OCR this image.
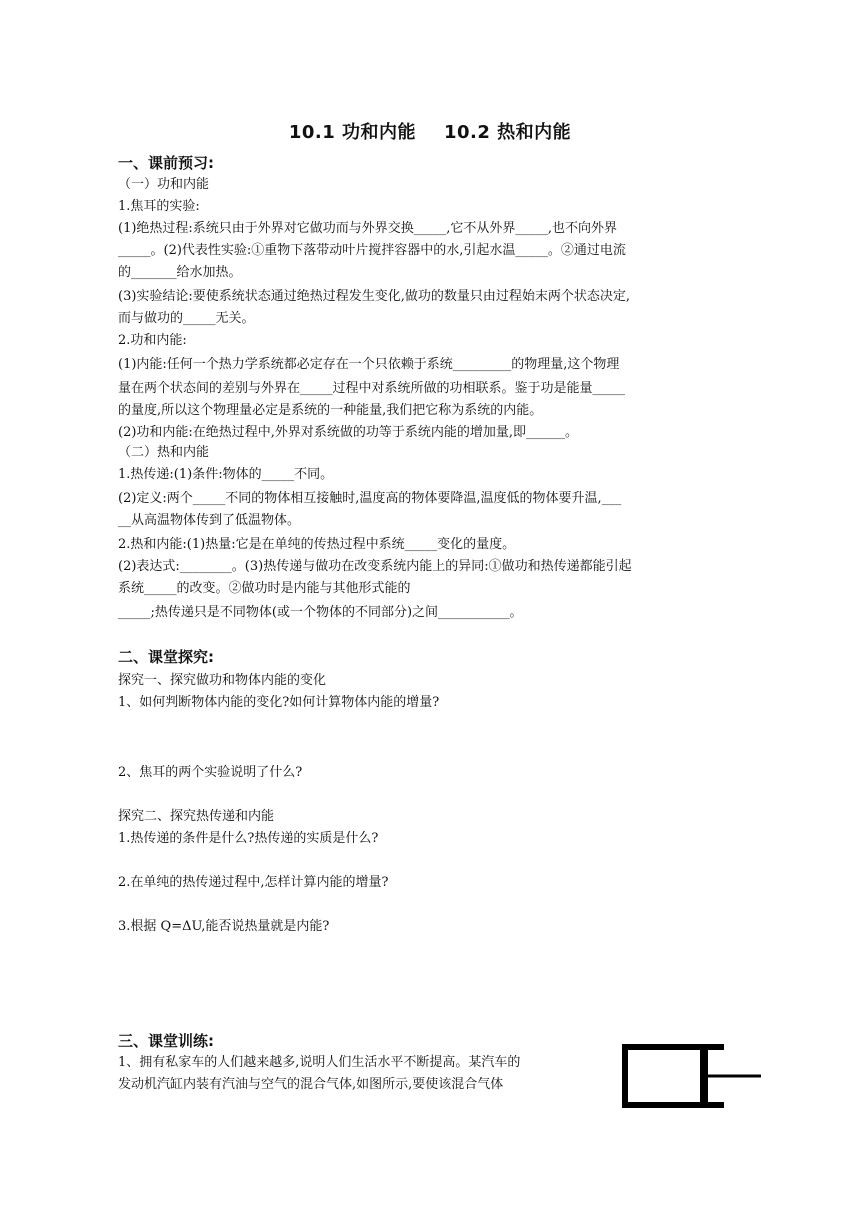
10.1 功和内能 10.2 热和内能
一、课前预习:
（一）功和内能
1.焦耳的实验:
(1)绝热过程:系统只由于外界对它做功而与外界交换_____,它不从外界_____,也不向外界
_____。(2)代表性实验:①重物下落带动叶片搅拌容器中的水,引起水温_____。②通过电流
的_______给水加热。
(3)实验结论:要使系统状态通过绝热过程发生变化,做功的数量只由过程始末两个状态决定,
而与做功的_____无关。
2.功和内能:
(1)内能:任何一个热力学系统都必定存在一个只依赖于系统_________的物理量,这个物理
量在两个状态间的差别与外界在_____过程中对系统所做的功相联系。鉴于功是能量_____
的量度,所以这个物理量必定是系统的一种能量,我们把它称为系统的内能。
(2)功和内能:在绝热过程中,外界对系统做的功等于系统内能的增加量,即______。
（二）热和内能
1.热传递:(1)条件:物体的_____不同。
(2)定义:两个_____不同的物体相互接触时,温度高的物体要降温,温度低的物体要升温,___
__从高温物体传到了低温物体。
2.热和内能:(1)热量:它是在单纯的传热过程中系统_____变化的量度。
(2)表达式:________。(3)热传递与做功在改变系统内能上的异同:①做功和热传递都能引起
系统_____的改变。②做功时是内能与其他形式能的
_____;热传递只是不同物体(或一个物体的不同部分)之间___________。
二、课堂探究:
探究一、探究做功和物体内能的变化
1、如何判断物体内能的变化?如何计算物体内能的增量?
2、焦耳的两个实验说明了什么?
探究二、探究热传递和内能
1.热传递的条件是什么?热传递的实质是什么?
2.在单纯的热传递过程中,怎样计算内能的增量?
3.根据 Q=ΔU,能否说热量就是内能?
三、课堂训练:
1、拥有私家车的人们越来越多,说明人们生活水平不断提高。某汽车的
发动机汽缸内装有汽油与空气的混合气体,如图所示,要使该混合气体
